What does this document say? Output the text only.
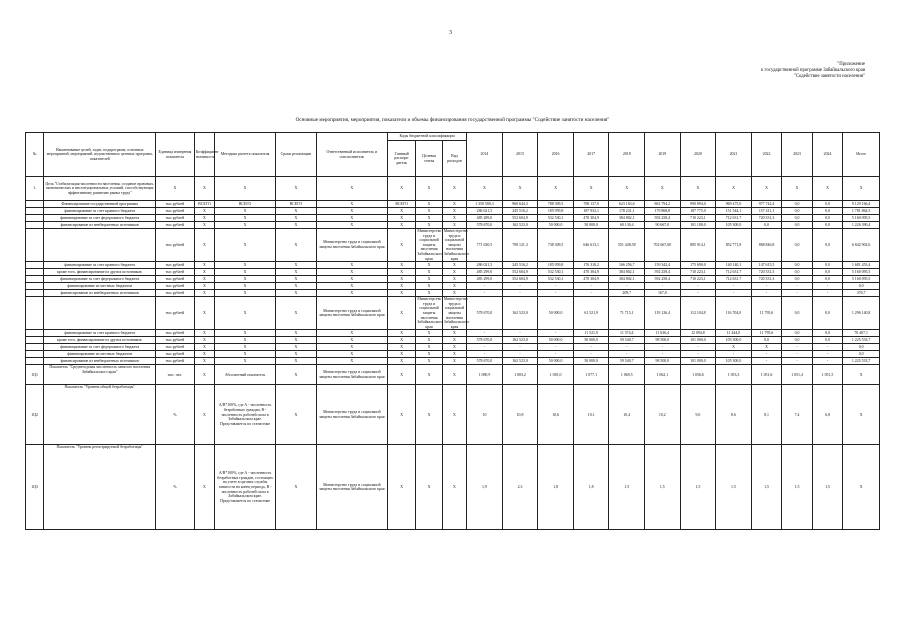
3
"Приложение
к государственной программе Забайкальского края
"Содействие занятости населения"
Основные мероприятия, мероприятия, показатели и объемы финансирования государственной программы "Содействие занятости населения"
№	Наименование целей, задач, подпрограмм, основных мероприятий, мероприятий, ведомственных целевых программ, показателей	Единица измерения показателя	Коэффициент значимости	Методика расчета показателя	Сроки реализации	Ответственный исполнитель и соисполнитель	Коды бюджетной классификации			2014	2015	2016	2017	2018	2019	2020	2021	2022	2023	2024	Итого
							Главный распоря-дитель	Целевая статья	Вид расходов												
1.	Цель "Стабилизация численности населения, создание правовых, экономических и институциональных условий, способствующих эффективному развитию рынка труда"	X	X	X	X	X	X	X	X	X	X	X	X	X	X	X	X	X	X	X	X
	Финансирование государственной программы	тыс.рублей	ВСЕГО	ВСЕГО	ВСЕГО	X	ВСЕГО	X	X	1 350 580,3	960 644,3	788 309,5	708 137,0	623 163,6	861 794,2	990 894,0	969 475,0	977 742,4	0,0	0,0	9 129 166,4
	финансирование за счет краевого бюджета	тыс.рублей	X	X	X	X	X	X	X	286 621,5	245 516,2	185 959,8	187 932,1	178 231,1	179 868,8	187 775,0	151 544,1	157 411,1	0,0	0,0	1 781 864,5
	финансирование за счет федерального бюджета	тыс.рублей	X	X	X	X	X	X	X	485 289,0	552 604,9	532 530,1	470 304,9	384 802,1	592 258,4	710 223,1	712 631,7	720 331,3	0,0	0,0	5 160 095,5
	финансирование из внебюджетных источников	тыс.рублей	X	X	X	X	X	X	X	578 670,0	162 523,0	50 000,0	50 000,0	60 130,4	90 667,0	101 100,0	105 300,0	0,0	0,0	0,0	1 226 390,4
		тыс.рублей	X	X	X	Министерство труда и социальной защиты населения Забайкальского края	X	Министерство труда и социальной защиты населения Забайкальского края	Министерство труда и социальной защиты населения Забайкальского края	771 630,5	798 121,3	738 309,5	646 613,1	551 448,58	702 667,00	885 914,1	852 771,8	868 846,8	0,0	0,0	6 842 902,6
	финансирование за счет краевого бюджета	тыс.рублей	X	X	X	X	X	X	X	286 021,5	245 516,2	185 959,8	176 310,2	166 256,7	159 342,4	175 690,0	140 140,1	147 615,5	0,0	0,0	1 681 453,4
	кроме того, финансирование из других источников:	тыс.рублей	X	X	X	X	X	X	X	485 299,0	552 604,9	532 530,1	470 304,9	384 802,1	592 258,4	710 223,1	712 631,7	720 331,3	0,0	0,0	5 160 095,5
	финансирование за счет федерального бюджета	тыс.рублей	X	X	X	X	X	X	X	485 299,0	552 604,9	532 530,1	470 304,9	384 802,1	592 258,4	710 223,1	712 631,7	720 331,3	0,0	0,0	5 160 095,5
	финансирование из местных бюджетов	тыс.рублей	X	X	X	X	X	X	X	-	-	-	-	-	-	-	-	-	-	-	0,0
	финансирование из внебюджетных источников	тыс.рублей	X	X	X	X	X	X	X	-	-	-	-	209,7	167,0	-	-	-	-	-	376,7
		тыс.рублей	X	X	X	Министерство труда и социальной защиты населения Забайкальского края	X	Министерство труда и социальной защиты населения Забайкальского края	Министерство труда и социальной защиты населения Забайкальского края	578 670,0	162 523,0	50 000,0	61 521,9	71 715,1	119 126,4	112 104,8	116 704,0	11 795,6	0,0	0,0	1 296 140,8
	финансирование за счет краевого бюджета	тыс.рублей	X	X	X	X	X	X	X	-	-	-	11 521,9	11 574,4	11 636,4	12 094,8	11 444,0	11 795,6	0,0	0,0	70 407,1
	кроме того, финансирование из других источников:	тыс.рублей	X	X	X	X	X	X	X	578 670,0	162 523,0	50 000,0	50 000,0	59 540,7	98 500,0	101 000,0	105 300,0	0,0	0,0	0,0	1 225 533,7
	финансирование за счет федерального бюджета	тыс.рублей	X	X	X	X	X	X	X	-	-	-	-	-	-	-	X	X	-	-	0,0
	финансирование из местных бюджетов	тыс.рублей	X	X	X	X	X	X	X	-	-	-	-	-	-	-	-	-	-	-	0,0
	финансирование из внебюджетных источников	тыс.рублей	X	X	X	X	X	X	X	578 670,0	162 523,0	50 000,0	50 000,0	59 540,7	98 500,0	101 000,0	105 300,0	-	-	-	1 225 533,7
1Ц1	Показатель "Среднегодовая численность занятого населения Забайкальского края"	тыс. чел.	X	Абсолютный показатель	X	Министерство труда и социальной защиты населения Забайкальского края	X	X	X	1 080,9	1 083,2	1 081,0	1 077,1	1 069,5	1 062,1	1 056,6	1 053,3	1 051,6	1 051,4	1 051,5	X
1Ц2	Показатель "Уровень общей безработицы"	%	X	А/В*100%, где А - численность безработных граждан, В - численность рабочей силы в Забайкальском крае. Представляется по статистике	X	Министерство труда и социальной защиты населения Забайкальского края	X	X	X	10	10,8	10,6	10,1	10,4	10,2	9,0	8,6	8,1	7,4	6,8	X
1Ц3	Показатель "Уровень регистрируемой безработицы"	%	X	А/В*100%, где А - численность безработных граждан, состоящих на учете в органах службы занятости на конец периода, В - численность рабочей силы в Забайкальском крае. Представляется по статистике	X	Министерство труда и социальной защиты населения Забайкальского края	X	X	X	1,9	2,3	1,8	1,8	1,5	1,5	1,5	1,5	1,5	1,5	1,5	X
